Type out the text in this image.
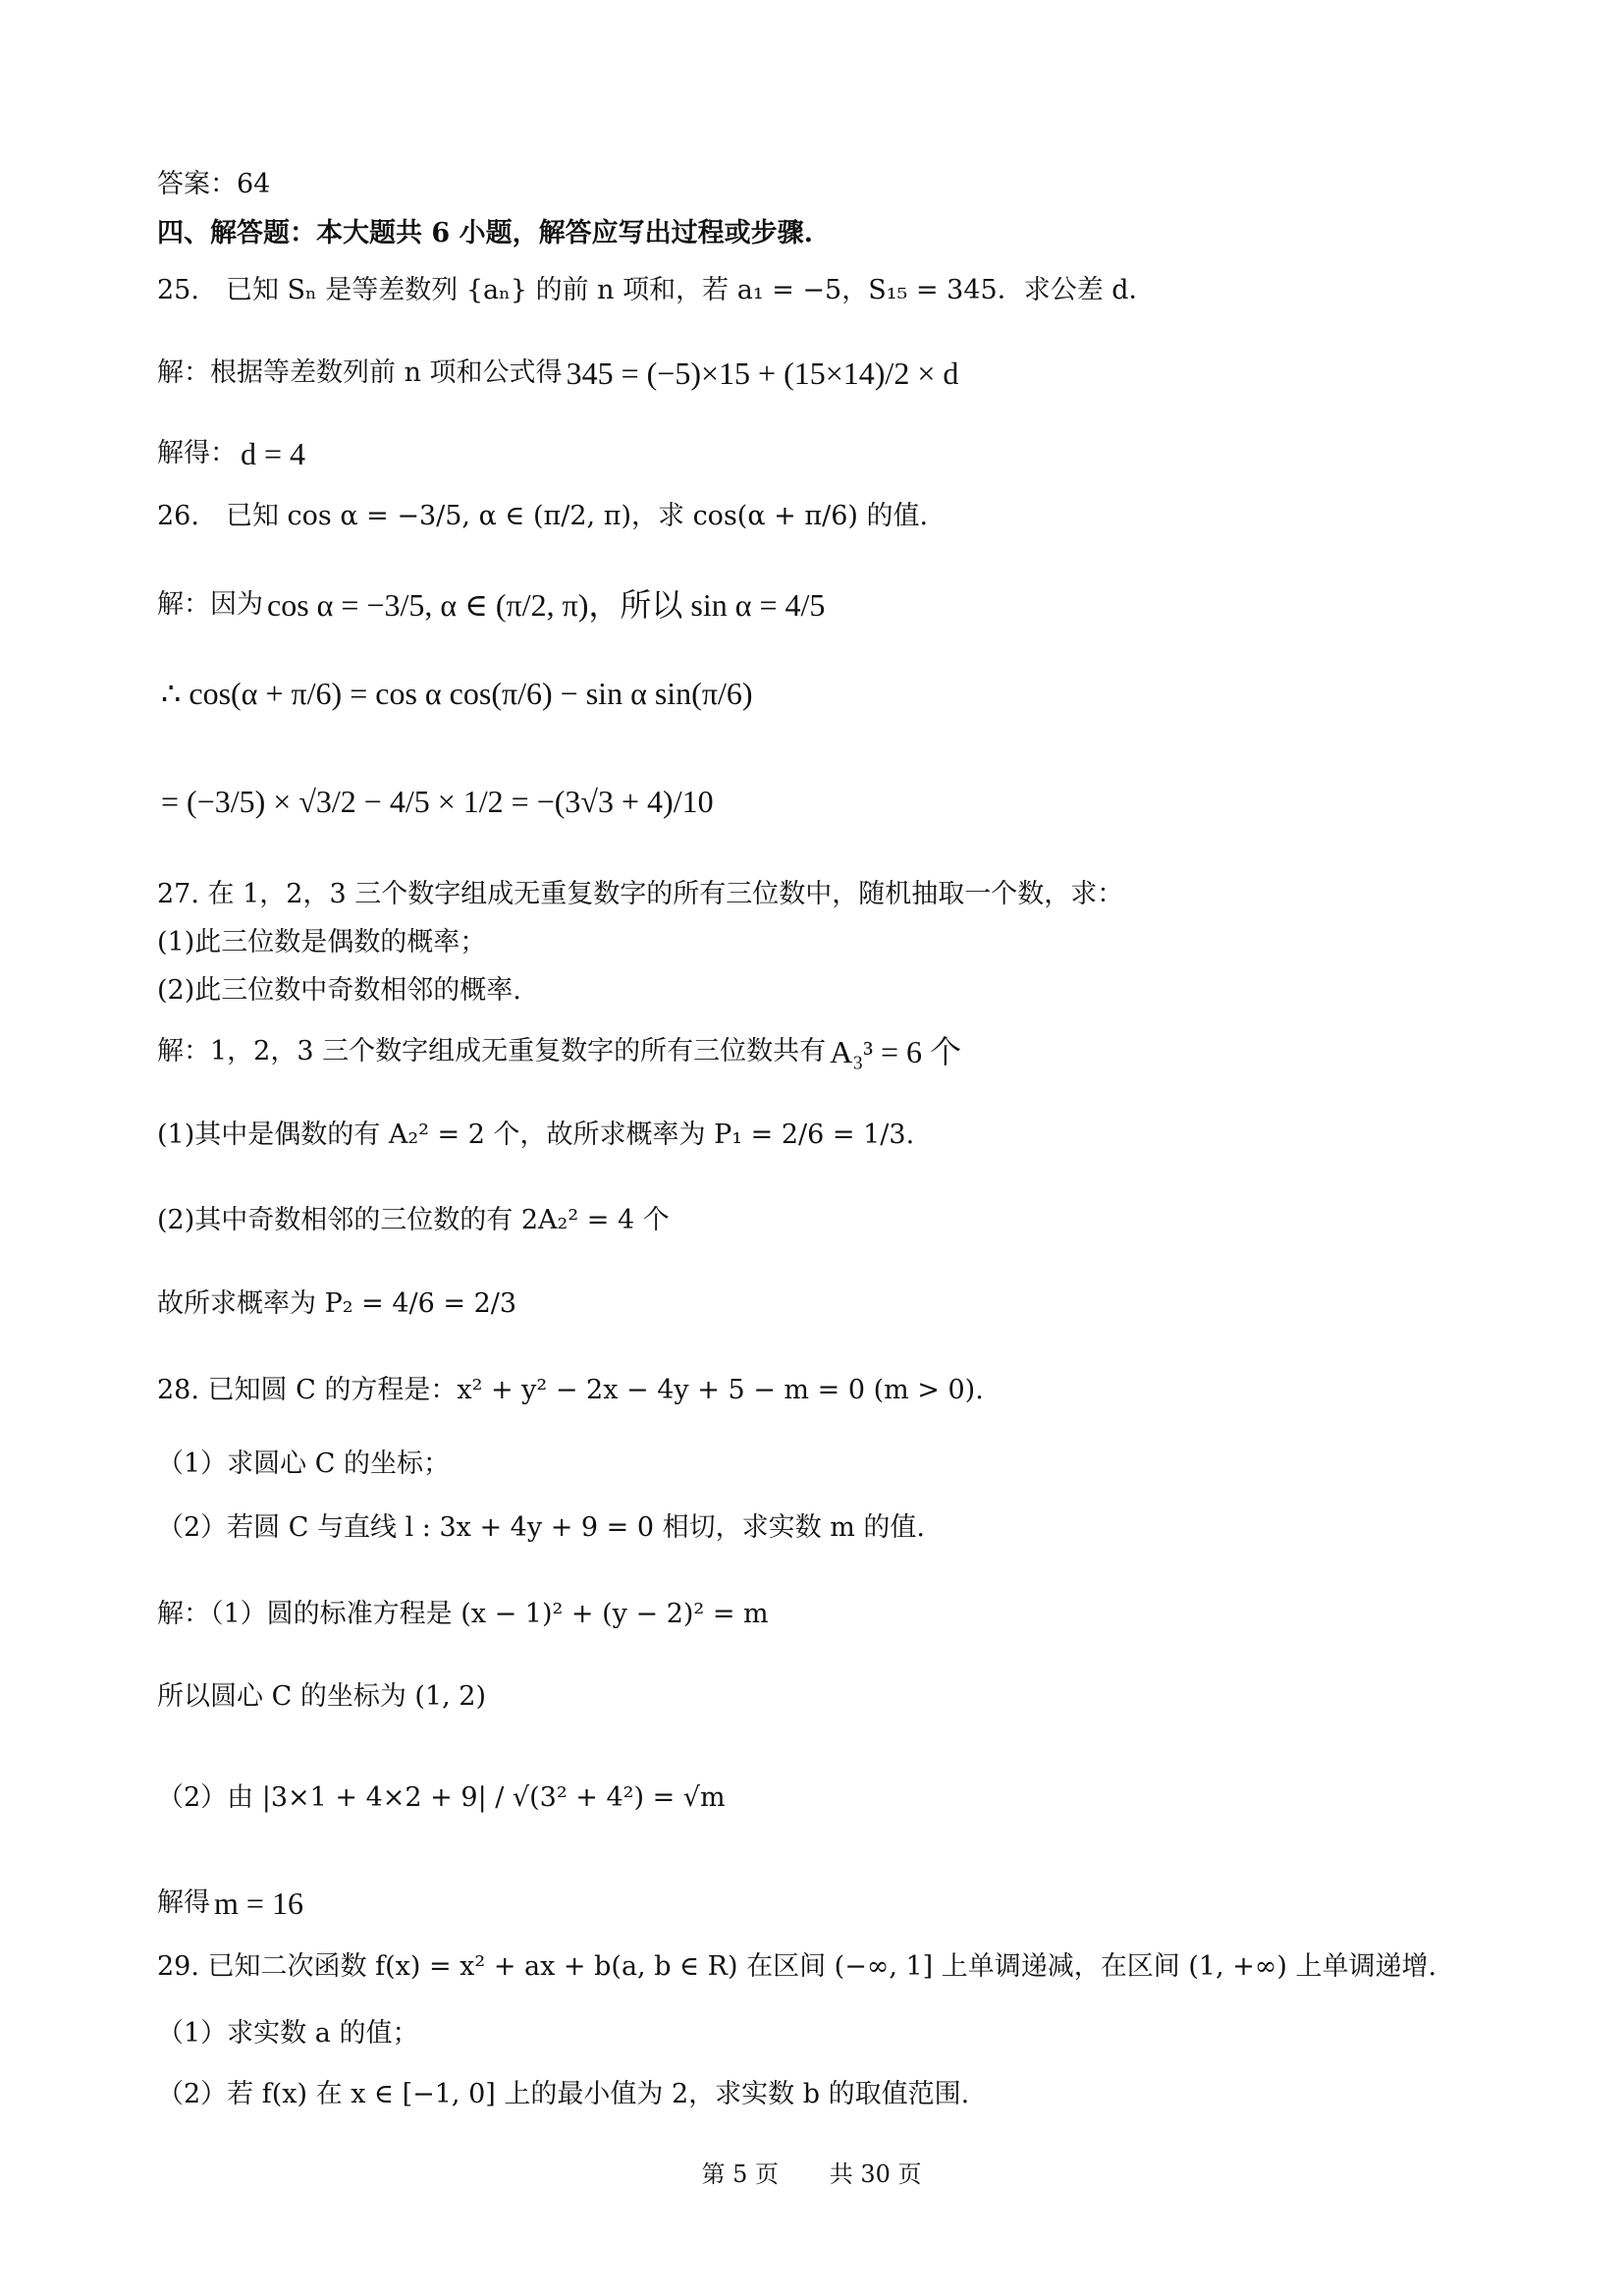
答案：64
四、解答题：本大题共 6 小题，解答应写出过程或步骤.
25.　已知 Sₙ 是等差数列 {aₙ} 的前 n 项和，若 a₁ = −5，S₁₅ = 345．求公差 d．
解：根据等差数列前 n 项和公式得 345 = (−5)×15 + (15×14)/2 × d
解得： d = 4
26.　已知 cos α = −3/5, α ∈ (π/2, π)，求 cos(α + π/6) 的值.
解：因为 cos α = −3/5, α ∈ (π/2, π)，所以 sin α = 4/5
∴ cos(α + π/6) = cos α cos(π/6) − sin α sin(π/6)
= (−3/5) × √3/2 − 4/5 × 1/2 = −(3√3 + 4)/10
27. 在 1，2，3 三个数字组成无重复数字的所有三位数中，随机抽取一个数，求：
(1)此三位数是偶数的概率；
(2)此三位数中奇数相邻的概率.
解：1，2，3 三个数字组成无重复数字的所有三位数共有 A₃³ = 6 个
(1)其中是偶数的有 A₂² = 2 个，故所求概率为 P₁ = 2/6 = 1/3.
(2)其中奇数相邻的三位数的有 2A₂² = 4 个
故所求概率为 P₂ = 4/6 = 2/3
28. 已知圆 C 的方程是：x² + y² − 2x − 4y + 5 − m = 0 (m > 0).
（1）求圆心 C 的坐标；
（2）若圆 C 与直线 l : 3x + 4y + 9 = 0 相切，求实数 m 的值.
解：（1）圆的标准方程是 (x − 1)² + (y − 2)² = m
所以圆心 C 的坐标为 (1, 2)
（2）由 |3×1 + 4×2 + 9| / √(3² + 4²) = √m
解得 m = 16
29. 已知二次函数 f(x) = x² + ax + b(a, b ∈ R) 在区间 (−∞, 1] 上单调递减，在区间 (1, +∞) 上单调递增.
（1）求实数 a 的值；
（2）若 f(x) 在 x ∈ [−1, 0] 上的最小值为 2，求实数 b 的取值范围.
第 5 页 共 30 页
